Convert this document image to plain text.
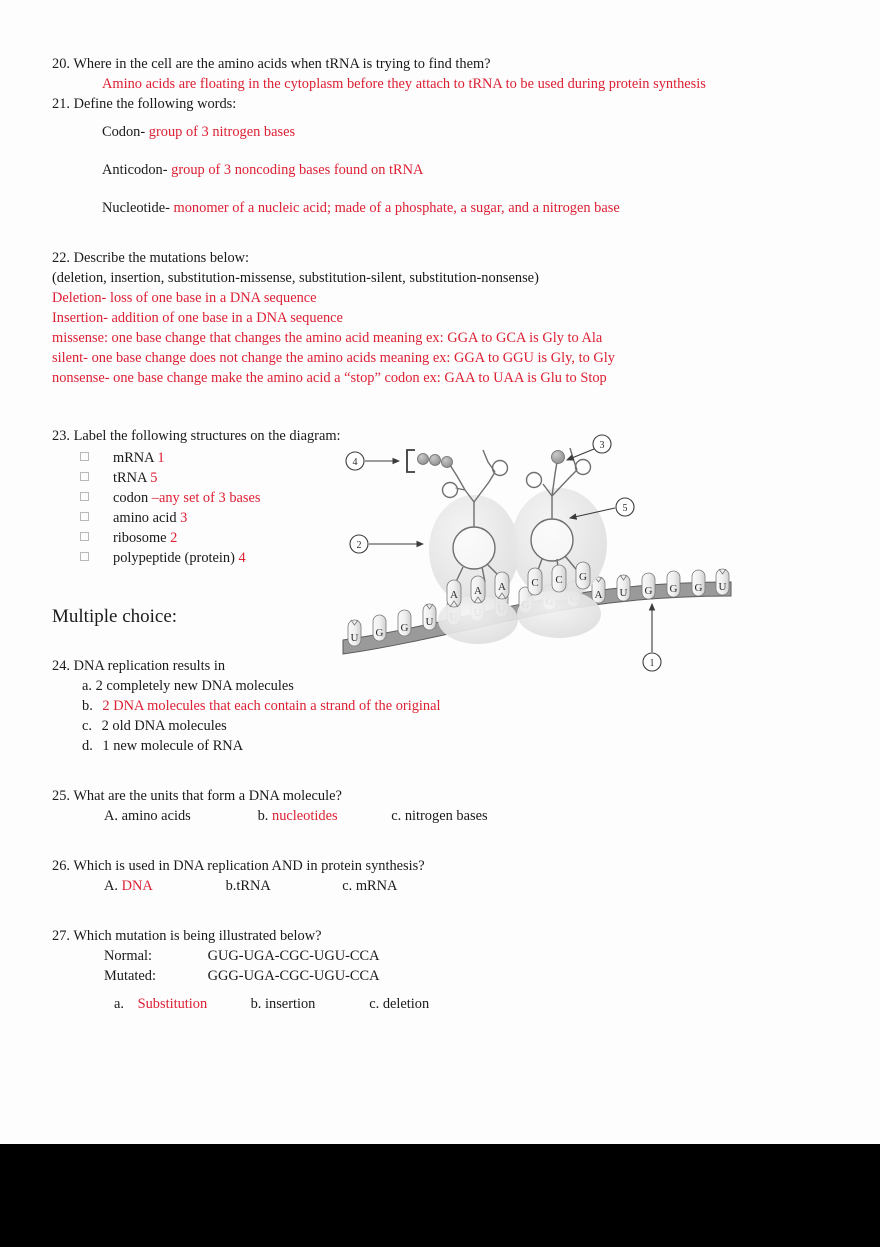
20. Where in the cell are the amino acids when tRNA is trying to find them?
Amino acids are floating in the cytoplasm before they attach to tRNA to be used during protein synthesis
21. Define the following words:
Codon- group of 3 nitrogen bases
Anticodon- group of 3 noncoding bases found on tRNA
Nucleotide- monomer of a nucleic acid; made of a phosphate, a sugar, and a nitrogen base
22. Describe the mutations below:
(deletion, insertion, substitution-missense, substitution-silent, substitution-nonsense)
Deletion- loss of one base in a DNA sequence
Insertion- addition of one base in a DNA sequence
missense: one base change that changes the amino acid meaning ex: GGA to GCA is Gly to Ala
silent- one base change does not change the amino acids meaning ex: GGA to GGU is Gly, to Gly
nonsense- one base change make the amino acid a “stop” codon ex: GAA to UAA is Glu to Stop
23. Label the following structures on the diagram:
mRNA 1
tRNA 5
codon –any set of 3 bases
amino acid 3
ribosome 2
polypeptide (protein) 4
U G G U
A U G G G U
A A A C C G
1
2
3
4
5
Multiple choice:
24. DNA replication results in
a. 2 completely new DNA molecules
b. 2 DNA molecules that each contain a strand of the original
c. 2 old DNA molecules
d. 1 new molecule of RNA
25. What are the units that form a DNA molecule?
A. amino acids	b. nucleotides	c. nitrogen bases
26. Which is used in DNA replication AND in protein synthesis?
A. DNA	b.tRNA	c. mRNA
27. Which mutation is being illustrated below?
Normal:	GUG-UGA-CGC-UGU-CCA
Mutated:	GGG-UGA-CGC-UGU-CCA
a. Substitution	b. insertion	c. deletion
